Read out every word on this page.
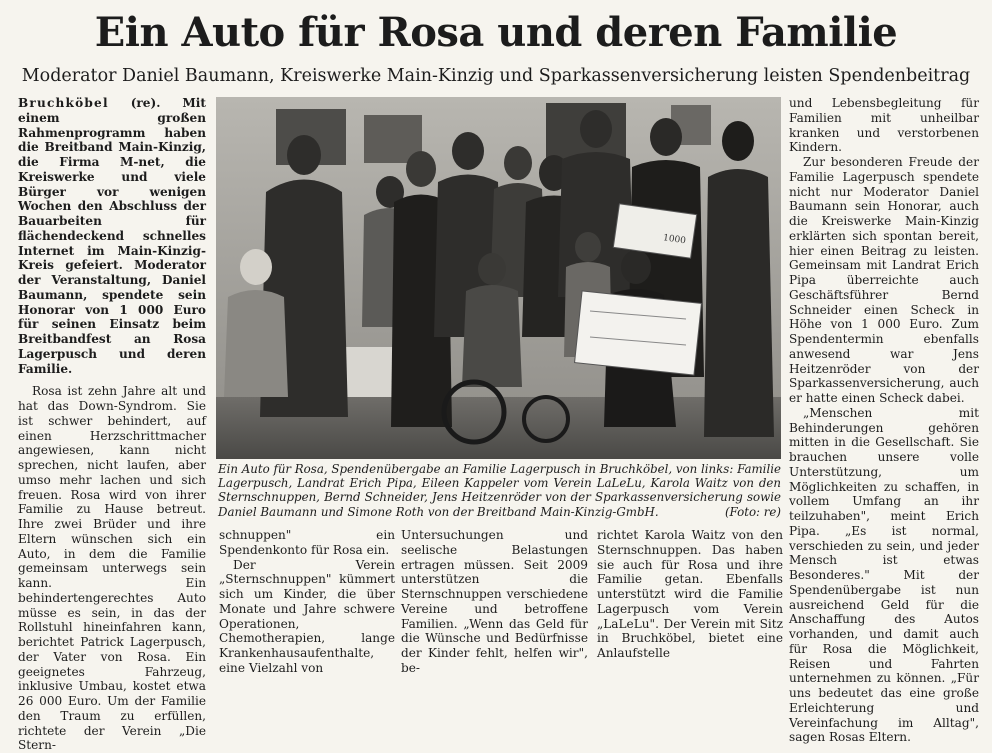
Ein Auto für Rosa und deren Familie
Moderator Daniel Baumann, Kreiswerke Main-Kinzig und Sparkassenversicherung leisten Spendenbeitrag

Bruchköbel (re). Mit einem großen Rahmenprogramm haben die Breitband Main-Kinzig, die Firma M-net, die Kreiswerke und viele Bürger vor wenigen Wochen den Abschluss der Bauarbeiten für flächendeckend schnelles Internet im Main-Kinzig-Kreis gefeiert. Moderator der Veranstaltung, Daniel Baumann, spendete sein Honorar von 1 000 Euro für seinen Einsatz beim Breitbandfest an Rosa Lagerpusch und deren Familie.

Rosa ist zehn Jahre alt und hat das Down-Syndrom. Sie ist schwer behindert, auf einen Herzschrittmacher angewiesen, kann nicht sprechen, nicht laufen, aber umso mehr lachen und sich freuen. Rosa wird von ihrer Familie zu Hause betreut. Ihre zwei Brüder und ihre Eltern wünschen sich ein Auto, in dem die Familie gemeinsam unterwegs sein kann. Ein behindertengerechtes Auto müsse es sein, in das der Rollstuhl hineinfahren kann, berichtet Patrick Lagerpusch, der Vater von Rosa. Ein geeignetes Fahrzeug, inklusive Umbau, kostet etwa 26 000 Euro. Um der Familie den Traum zu erfüllen, richtete der Verein „Die Stern-

1000
Ein Auto für Rosa, Spendenübergabe an Familie Lagerpusch in Bruchköbel, von links: Familie Lagerpusch, Landrat Erich Pipa, Eileen Kappeler vom Verein LaLeLu, Karola Waitz von den Sternschnuppen, Bernd Schneider, Jens Heitzenröder von der Sparkassenversicherung sowie Daniel Baumann und Simone Roth von der Breitband Main-Kinzig-GmbH.	(Foto: re)

schnuppen" ein Spendenkonto für Rosa ein.

Der Verein „Sternschnuppen" kümmert sich um Kinder, die über Monate und Jahre schwere Operationen, Chemotherapien, lange Krankenhausaufenthalte, eine Vielzahl von

Untersuchungen und seelische Belastungen ertragen müssen. Seit 2009 unterstützen die Sternschnuppen verschiedene Vereine und betroffene Familien. „Wenn das Geld für die Wünsche und Bedürfnisse der Kinder fehlt, helfen wir", be-

richtet Karola Waitz von den Sternschnuppen. Das haben sie auch für Rosa und ihre Familie getan. Ebenfalls unterstützt wird die Familie Lagerpusch vom Verein „LaLeLu". Der Verein mit Sitz in Bruchköbel, bietet eine Anlaufstelle

und Lebensbegleitung für Familien mit unheilbar kranken und verstorbenen Kindern.

Zur besonderen Freude der Familie Lagerpusch spendete nicht nur Moderator Daniel Baumann sein Honorar, auch die Kreiswerke Main-Kinzig erklärten sich spontan bereit, hier einen Beitrag zu leisten. Gemeinsam mit Landrat Erich Pipa überreichte auch Geschäftsführer Bernd Schneider einen Scheck in Höhe von 1 000 Euro. Zum Spendentermin ebenfalls anwesend war Jens Heitzenröder von der Sparkassenversicherung, auch er hatte einen Scheck dabei.

„Menschen mit Behinderungen gehören mitten in die Gesellschaft. Sie brauchen unsere volle Unterstützung, um Möglichkeiten zu schaffen, in vollem Umfang an ihr teilzuhaben", meint Erich Pipa. „Es ist normal, verschieden zu sein, und jeder Mensch ist etwas Besonderes." Mit der Spendenübergabe ist nun ausreichend Geld für die Anschaffung des Autos vorhanden, und damit auch für Rosa die Möglichkeit, Reisen und Fahrten unternehmen zu können. „Für uns bedeutet das eine große Erleichterung und Vereinfachung im Alltag", sagen Rosas Eltern.
